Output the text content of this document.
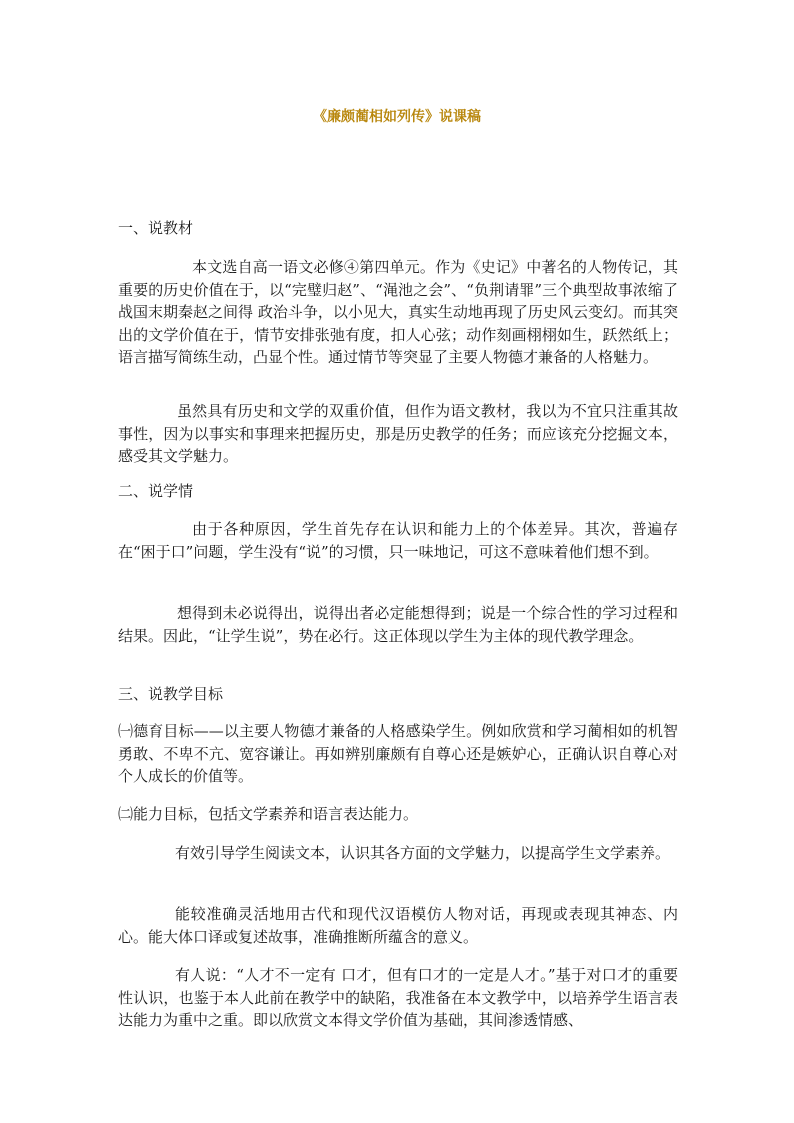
《廉颇蔺相如列传》说课稿

一、说教材

本文选自高一语文必修④第四单元。作为《史记》中著名的人物传记，其重要的历史价值在于，以“完璧归赵”、“渑池之会”、“负荆请罪”三个典型故事浓缩了战国末期秦赵之间得 政治斗争，以小见大，真实生动地再现了历史风云变幻。而其突出的文学价值在于，情节安排张弛有度，扣人心弦；动作刻画栩栩如生，跃然纸上；语言描写简练生动，凸显个性。通过情节等突显了主要人物德才兼备的人格魅力。

虽然具有历史和文学的双重价值，但作为语文教材，我以为不宜只注重其故事性，因为以事实和事理来把握历史，那是历史教学的任务；而应该充分挖掘文本，感受其文学魅力。

二、说学情

由于各种原因，学生首先存在认识和能力上的个体差异。其次，普遍存在“困于口”问题，学生没有“说”的习惯，只一味地记，可这不意味着他们想不到。

想得到未必说得出，说得出者必定能想得到；说是一个综合性的学习过程和结果。因此，“让学生说”，势在必行。这正体现以学生为主体的现代教学理念。

三、说教学目标

㈠德育目标——以主要人物德才兼备的人格感染学生。例如欣赏和学习蔺相如的机智勇敢、不卑不亢、宽容谦让。再如辨别廉颇有自尊心还是嫉妒心，正确认识自尊心对个人成长的价值等。

㈡能力目标，包括文学素养和语言表达能力。

有效引导学生阅读文本，认识其各方面的文学魅力，以提高学生文学素养。

能较准确灵活地用古代和现代汉语模仿人物对话，再现或表现其神态、内心。能大体口译或复述故事，准确推断所蕴含的意义。

有人说：“人才不一定有 口才，但有口才的一定是人才。”基于对口才的重要性认识，也鉴于本人此前在教学中的缺陷，我准备在本文教学中，以培养学生语言表达能力为重中之重。即以欣赏文本得文学价值为基础，其间渗透情感、
